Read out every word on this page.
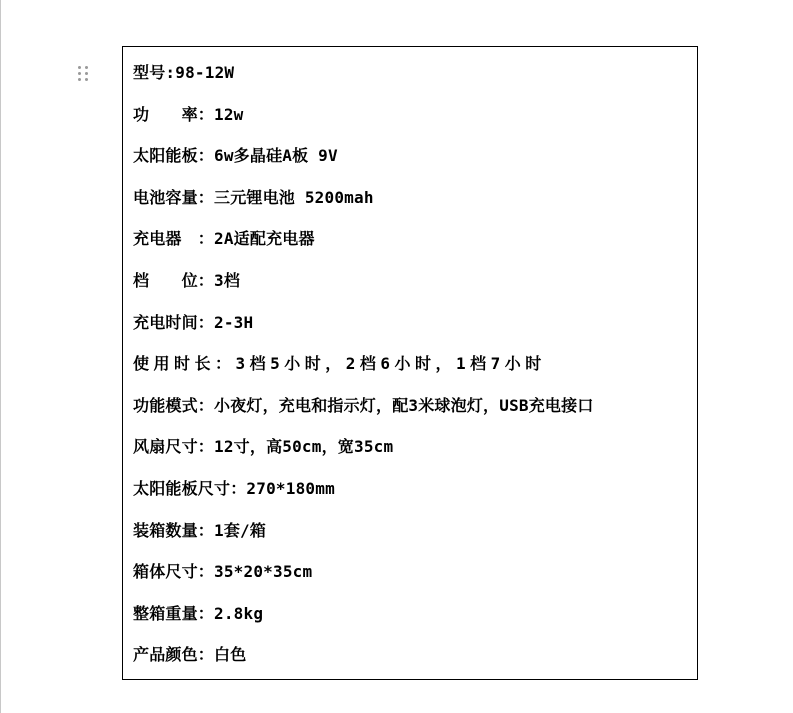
型号:98-12W
功　　率：12w
太阳能板：6w多晶硅A板 9V
电池容量：三元锂电池 5200mah
充电器　：2A适配充电器
档　　位：3档
充电时间：2-3H
使用时长：3档5小时，2档6小时，1档7小时
功能模式：小夜灯，充电和指示灯，配3米球泡灯，USB充电接口
风扇尺寸：12寸，高50cm，宽35cm
太阳能板尺寸：270*180mm
装箱数量：1套/箱
箱体尺寸：35*20*35cm
整箱重量：2.8kg
产品颜色：白色
